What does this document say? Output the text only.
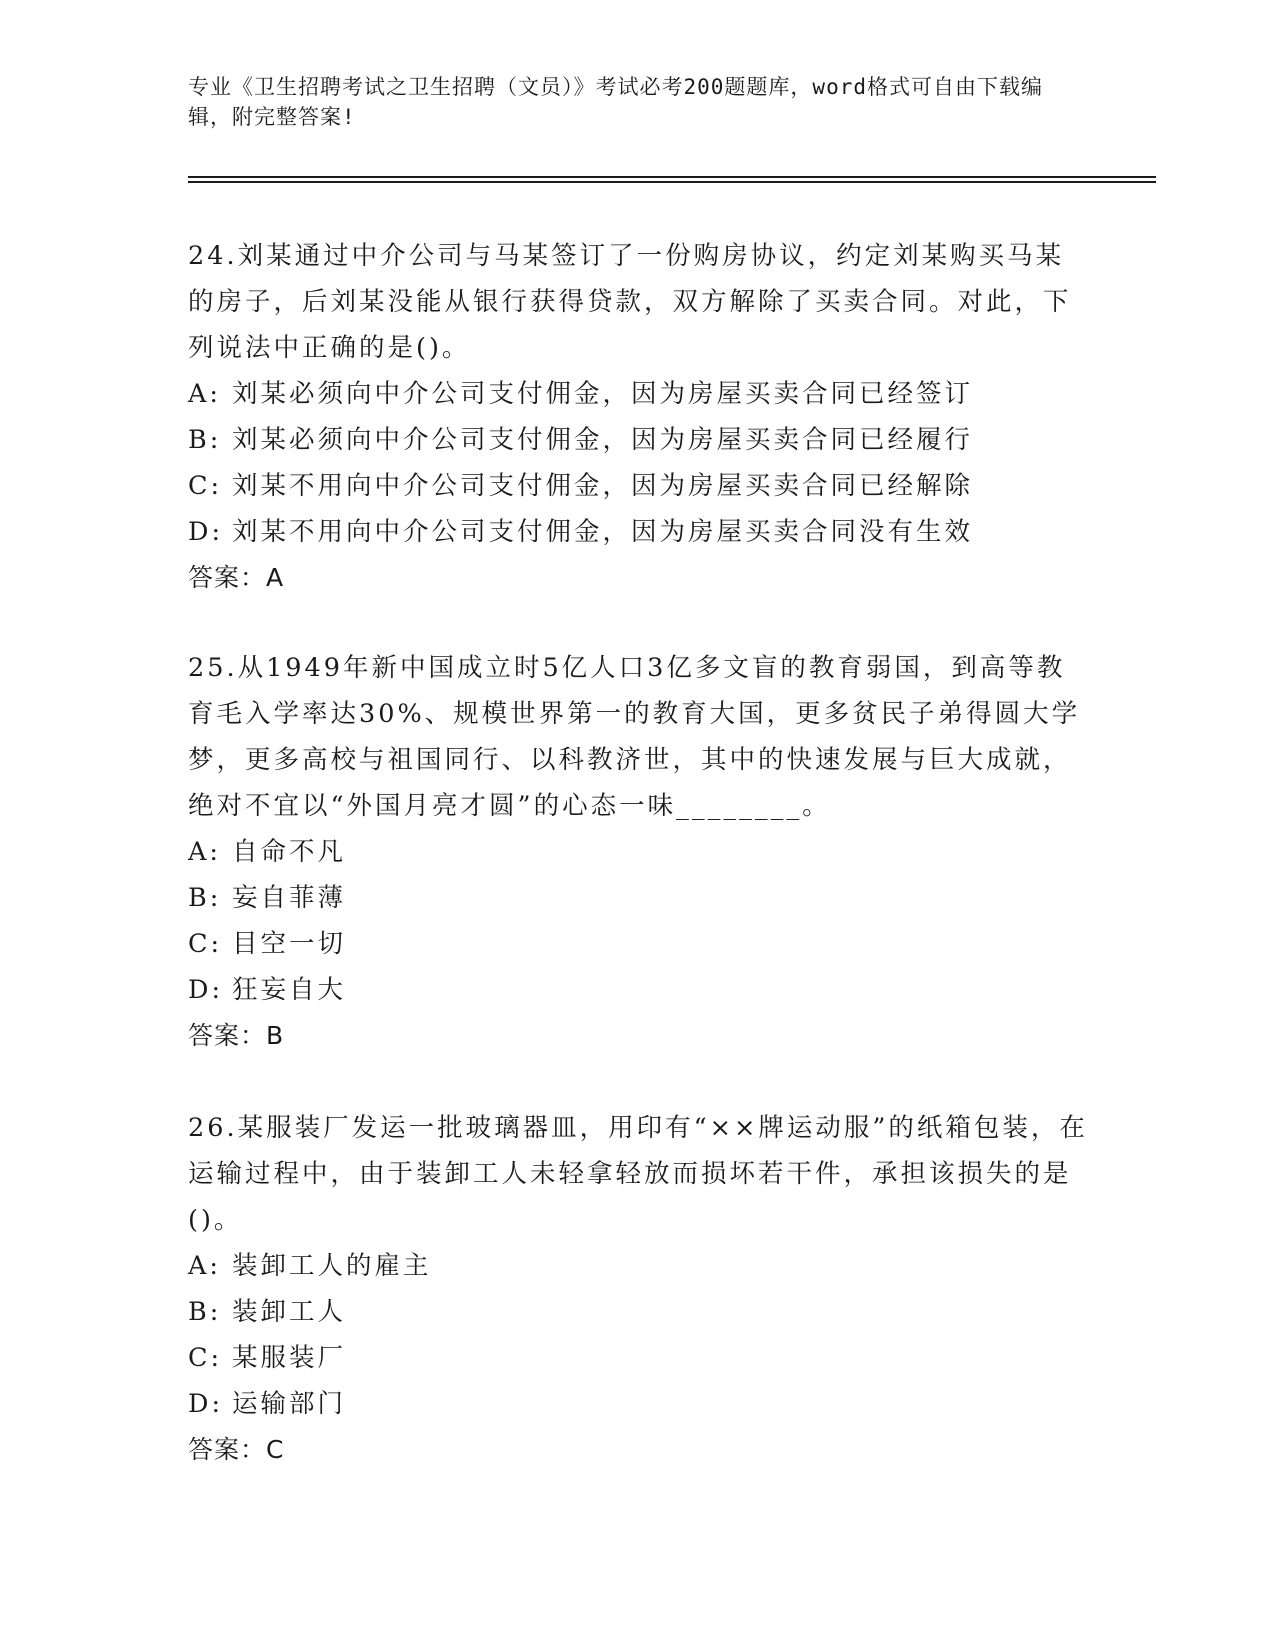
专业《卫生招聘考试之卫生招聘（文员）》考试必考200题题库，word格式可自由下载编辑，附完整答案!

24.刘某通过中介公司与马某签订了一份购房协议，约定刘某购买马某的房子，后刘某没能从银行获得贷款，双方解除了买卖合同。对此，下列说法中正确的是()。

A: 刘某必须向中介公司支付佣金，因为房屋买卖合同已经签订

B: 刘某必须向中介公司支付佣金，因为房屋买卖合同已经履行

C: 刘某不用向中介公司支付佣金，因为房屋买卖合同已经解除

D: 刘某不用向中介公司支付佣金，因为房屋买卖合同没有生效

答案：A

25.从1949年新中国成立时5亿人口3亿多文盲的教育弱国，到高等教育毛入学率达30%、规模世界第一的教育大国，更多贫民子弟得圆大学梦，更多高校与祖国同行、以科教济世，其中的快速发展与巨大成就，绝对不宜以“外国月亮才圆”的心态一味________。

A: 自命不凡

B: 妄自菲薄

C: 目空一切

D: 狂妄自大

答案：B

26.某服装厂发运一批玻璃器皿，用印有“××牌运动服”的纸箱包装，在运输过程中，由于装卸工人未轻拿轻放而损坏若干件，承担该损失的是()。

A: 装卸工人的雇主

B: 装卸工人

C: 某服装厂

D: 运输部门

答案：C
